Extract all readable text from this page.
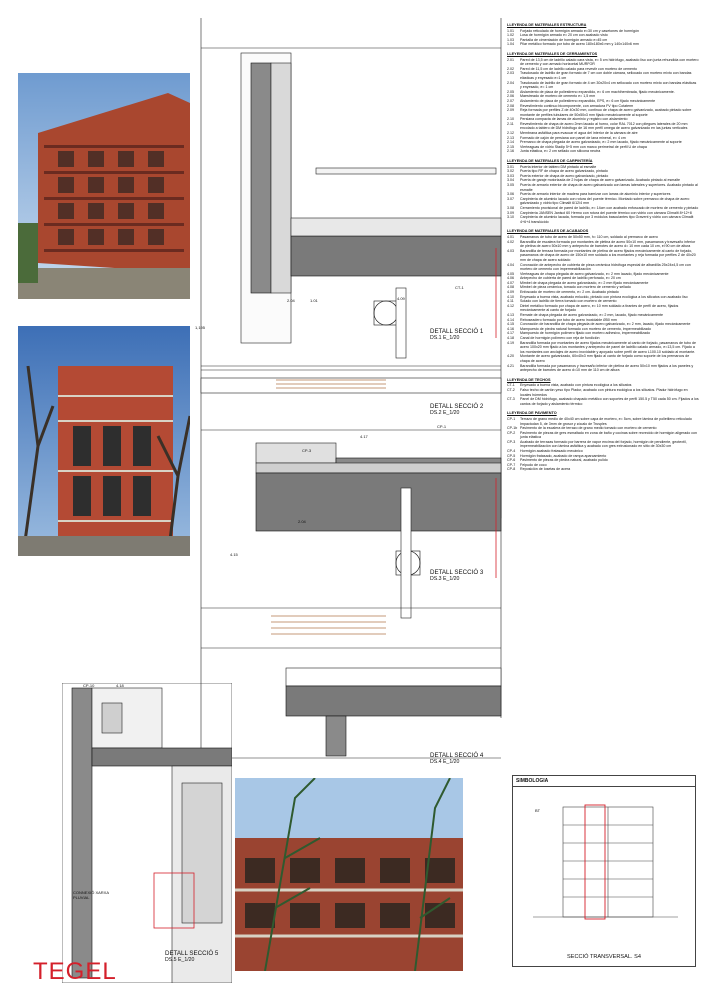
2.04	1.01	4.09
CT-1
CP-3
CP-1
2.04
4.17
4.15
CP-10	4.18
1,195
CONNEXIÓ XARXA PLUVIAL
DETALL SECCIÓ 1
DS.1 E_1/20
DETALL SECCIÓ 2
DS.2 E_1/20
DETALL SECCIÓ 3
DS.3 E_1/20
DETALL SECCIÓ 4
DS.4 E_1/20
DETALL SECCIÓ 5
DS.5 E_1/20
LLEYENDA DE MATERIALES ESTRUCTURA
1.01	Forjado reticulado de hormigón armado e=30 cm y casetones de hormigón
1.02	Losa de hormigón armado e= 20 cm con acabado visto
1.03	Pantalla de cimentación de hormigón armado e=45 cm
1.04	Pilar metálico formado por tubo de acero 180x180x6 mm y 140x140x6 mm
LLEYENDA DE MATERIALES DE CERRAMIENTOS
2.01	Pared de 13,5 cm de ladrillo calado cara vista, e= 5 cm hidrófugo, acabado liso con junta rehundida con mortero de cemento y con armado horizontal MURFOR
2.02	Pared de 11,5 cm de ladrillo calado para revestir con mortero de cemento
2.03	Trasdosado de ladrillo de gran formato de 7 cm con doble cámara, sellocado con mortero mixto con bandas elásticas y enyesado e=1 cm
2.04	Trasdosado de ladrillo de gran formato de 4 cm 30x20x4 cm sellocado con mortero mixto con bandas elásticas y enyesado, e= 1 cm
2.05	Aislamiento de placa de poliestireno expandido, e= 6 cm machihembrada, fijado mecánicamente.
2.06	Maestreado de mortero de cemento e= 1,5 mm
2.07	Aislamiento de placa de poliestireno expandido, EPS, e= 6 cm fijado mecánicamente
2.08	Revestimiento continuo bicomponente, con armadura FV tipo Cotaterm
2.09	Reja formada por perfiles Z de 40x30 mm, continuo de chapa de acero galvanizado, acabado pintado sobre montante de perfiles tubulares de 50x50x3 mm fijado mecánicamente al soporte
2.10	Persiana compacta de lamas de aluminio y registro con aislamiento
2.11	Revestimiento de chapa de acero 2mm lacado al horno, color RAL 7012 con pliegues laterales de 20 mm encolado a tablero de DM hidrófugo de 16 mm perfil omega de acero galvanizado en las juntas verticales
2.12	Membrana asfáltica para evacuar el agua del interior de la cámara de aire
2.13	Formado de cajón de persiana con panel de lana mineral, e= 4 cm
2.14	Premarco de chapa plegada de acero galvanizado, e= 2 mm lacado, fijado mecánicamente al soporte
2.15	Vierteaguas de vidrio Stadip 5+5 mm con marco perimetral de perfil U de chapa
2.16	Junta elástica, e= 2 cm sellado con silicona neutra
LLEYENDA DE MATERIALES DE CARPINTERÍA
3.01	Puerta interior de tablero DM pintado al esmalte
3.02	Puerta tipo RF de chapa de acero galvanizado, pintado
3.03	Puerta exterior de chapa de acero galvanizado, pintado
3.04	Puerta de garaje motorizada de 2 hojas de chapa de acero galvanizado. Acabado pintado al esmalte
3.05	Puerta de armario exterior de chapa de acero galvanizado con lamas laterales y superiores. Acabado pintado al esmalte
3.06	Puerta de armario interior de madera para barnizar con lamas de aluminio interior y superiores
3.07	Carpintería de aluminio lacado con rotura del puente térmico. Montado sobre premarco de chapa de acero galvanizado y vidrio tipo Climalit 6/12/4 mm
3.08	Cerramiento provisional de pared de ladrillo, e= 14cm con acabado enfoscado de mortero de cemento y pintado
3.09	Carpintería JANSEN Janisol 60 Hermo con rotura del puente térmico con vidrio con cámara Climalit 8+12+8
3.10	Carpintería de aluminio lacada, formada por 3 módulos basculantes tipo Gravent y vidrio con cámara Climalit 4+6+4 translúcido
LLEYENDA DE MATERIALES DE ACABADOS
4.01	Pasamanos de tubo de acero de 50x50 mm, h= 110 cm, soldado al premarco de acero
4.02	Barandilla de escalera formada por montantes de pletina de acero 50x10 mm, pasamanos y travesaño inferior de pletina de acero 50x10 mm y antepecho de barrotes de acero d= 10 mm cada 10 cm, el 90 cm de altura
4.03	Barandilla de terraza formada por montantes de pletina de acero fijados mecánicamente al canto de forjado, pasamanos de chapa de acero de 150x10 mm soldado a los montantes y reja formada por perfiles Z de 40x20 mm de chapa de acero soldado
4.04	Coronación de antepecho de cubierta de pieza cerámica hidrófuga especial de albardilla 25x24x4,5 cm con mortero de cemento con impermeabilización
4.05	Vierteaguas de chapa plegada de acero galvanizado, e= 2 mm lacado, fijado mecánicamente
4.06	Antepecho de cubierta de pared de ladrillo perforado, e= 20 cm
4.07	Mimbel de chapa plegada de acero galvanizado, e= 2 mm fijado mecánicamente
4.08	Mimbel de pieza cerámica, tomado con mortero de cemento y sellado
4.09	Enfoscado de mortero de cemento, e= 2 cm. Acabado pintado
4.10	Enyesado a buena vista, acabado enlucido, pintado con pintura ecológica a los silicatos con acabado liso
4.11	Solado con ladrillo de tierra tomado con mortero de cemento
4.12	Dintel metálico formado por chapa de acero, e= 10 mm soldado a tirantes de perfil de acero, fijados mecánicamente al canto de forjado
4.13	Remate de chapa plegada de acero galvanizado, e= 2 mm, lacado, fijado mecánicamente
4.14	Reboseadero formado por tubo de acero inoxidable Ø50 mm
4.15	Coronación de barandilla de chapa plegada de acero galvanizado, e= 2 mm, lacado, fijado mecánicamente
4.16	Mampuesto de piedra natural formado con mortero de cemento, impermeabilizado
4.17	Mampuesto de hormigón polímero fijado con mortero adhesivo, impermeabilizado
4.18	Canal de hormigón polímero con reja de fundición
4.19	Barandilla formada por montantes de acero fijados mecánicamente al canto de forjado, pasamanos de tubo de acero 100x20 mm fijado a los montantes y antepecho de panel de ladrillo calado armado, e=13,5 cm. Fijado a los montantes con anclajes de acero inoxidable y apoyado sobre perfil de acero L100.10 soldado al montante.
4.20	Montante de acero galvanizado, 60x40x3 mm fijado al canto de forjado como soporte de los premarcos de chapa de acero
4.21	Barandilla formada por pasamanos y travesaño inferior de pletina de acero 50x10 mm fijados a los paneles y antepecho de barrotes de acero d=10 mm de 110 cm de altura
LLEYENDA DE TECHOS
CT-1	Enyesado a buena vista, acabado con pintura ecológica a los silicatos
CT-2	Falso techo de cartón yeso tipo Pladur, acabado con pintura ecológica a los silicatos. Pladur hidrófugo en locales húmedos
CT-3	Panel de DM hidrófugo, acabado chapado metálico con soportes de perfil 150.5 y T50 cada 50 cm. Fijados a los cantos de forjado y aislamiento térmico
LLEYENDA DE PAVIMENTO
CP-1	Terrazo de grano medio de 40x40 cm sobre capa de mortero, e= 5cm, sobre lámina de polietileno reticulado Impactodan 5, de 3mm de grosor y zócalo de Trusples
CP-1b Pavimento de la escalera de terrazo de grano medio tomado con mortero de cemento
CP-2	Pavimento de piezas de gres esmaltado en zona de baño y cocinas sobre recrecido de hormigón aligerado con junta elástica
CP-3	Acabado de terrazas formado por barrera de vapor encima del forjado, hormigón de pendiente, geotextil, impermeabilización con lámina asfáltica y acabado con gres extrusionado en sitio de 30x30 cm
CP-4	Hormigón acabado fratasado mecánico
CP-5	Hormigón fratasado, acabado de rampa aparcamiento
CP-6	Pavimento de piezas de piedra natural, acabado pulido
CP-7	Felpudo de coco
CP-8	Reposición de losetas de acera
SIMBOLOGIA
BT
SECCIÓ TRANSVERSAL. S4
TEGEL
